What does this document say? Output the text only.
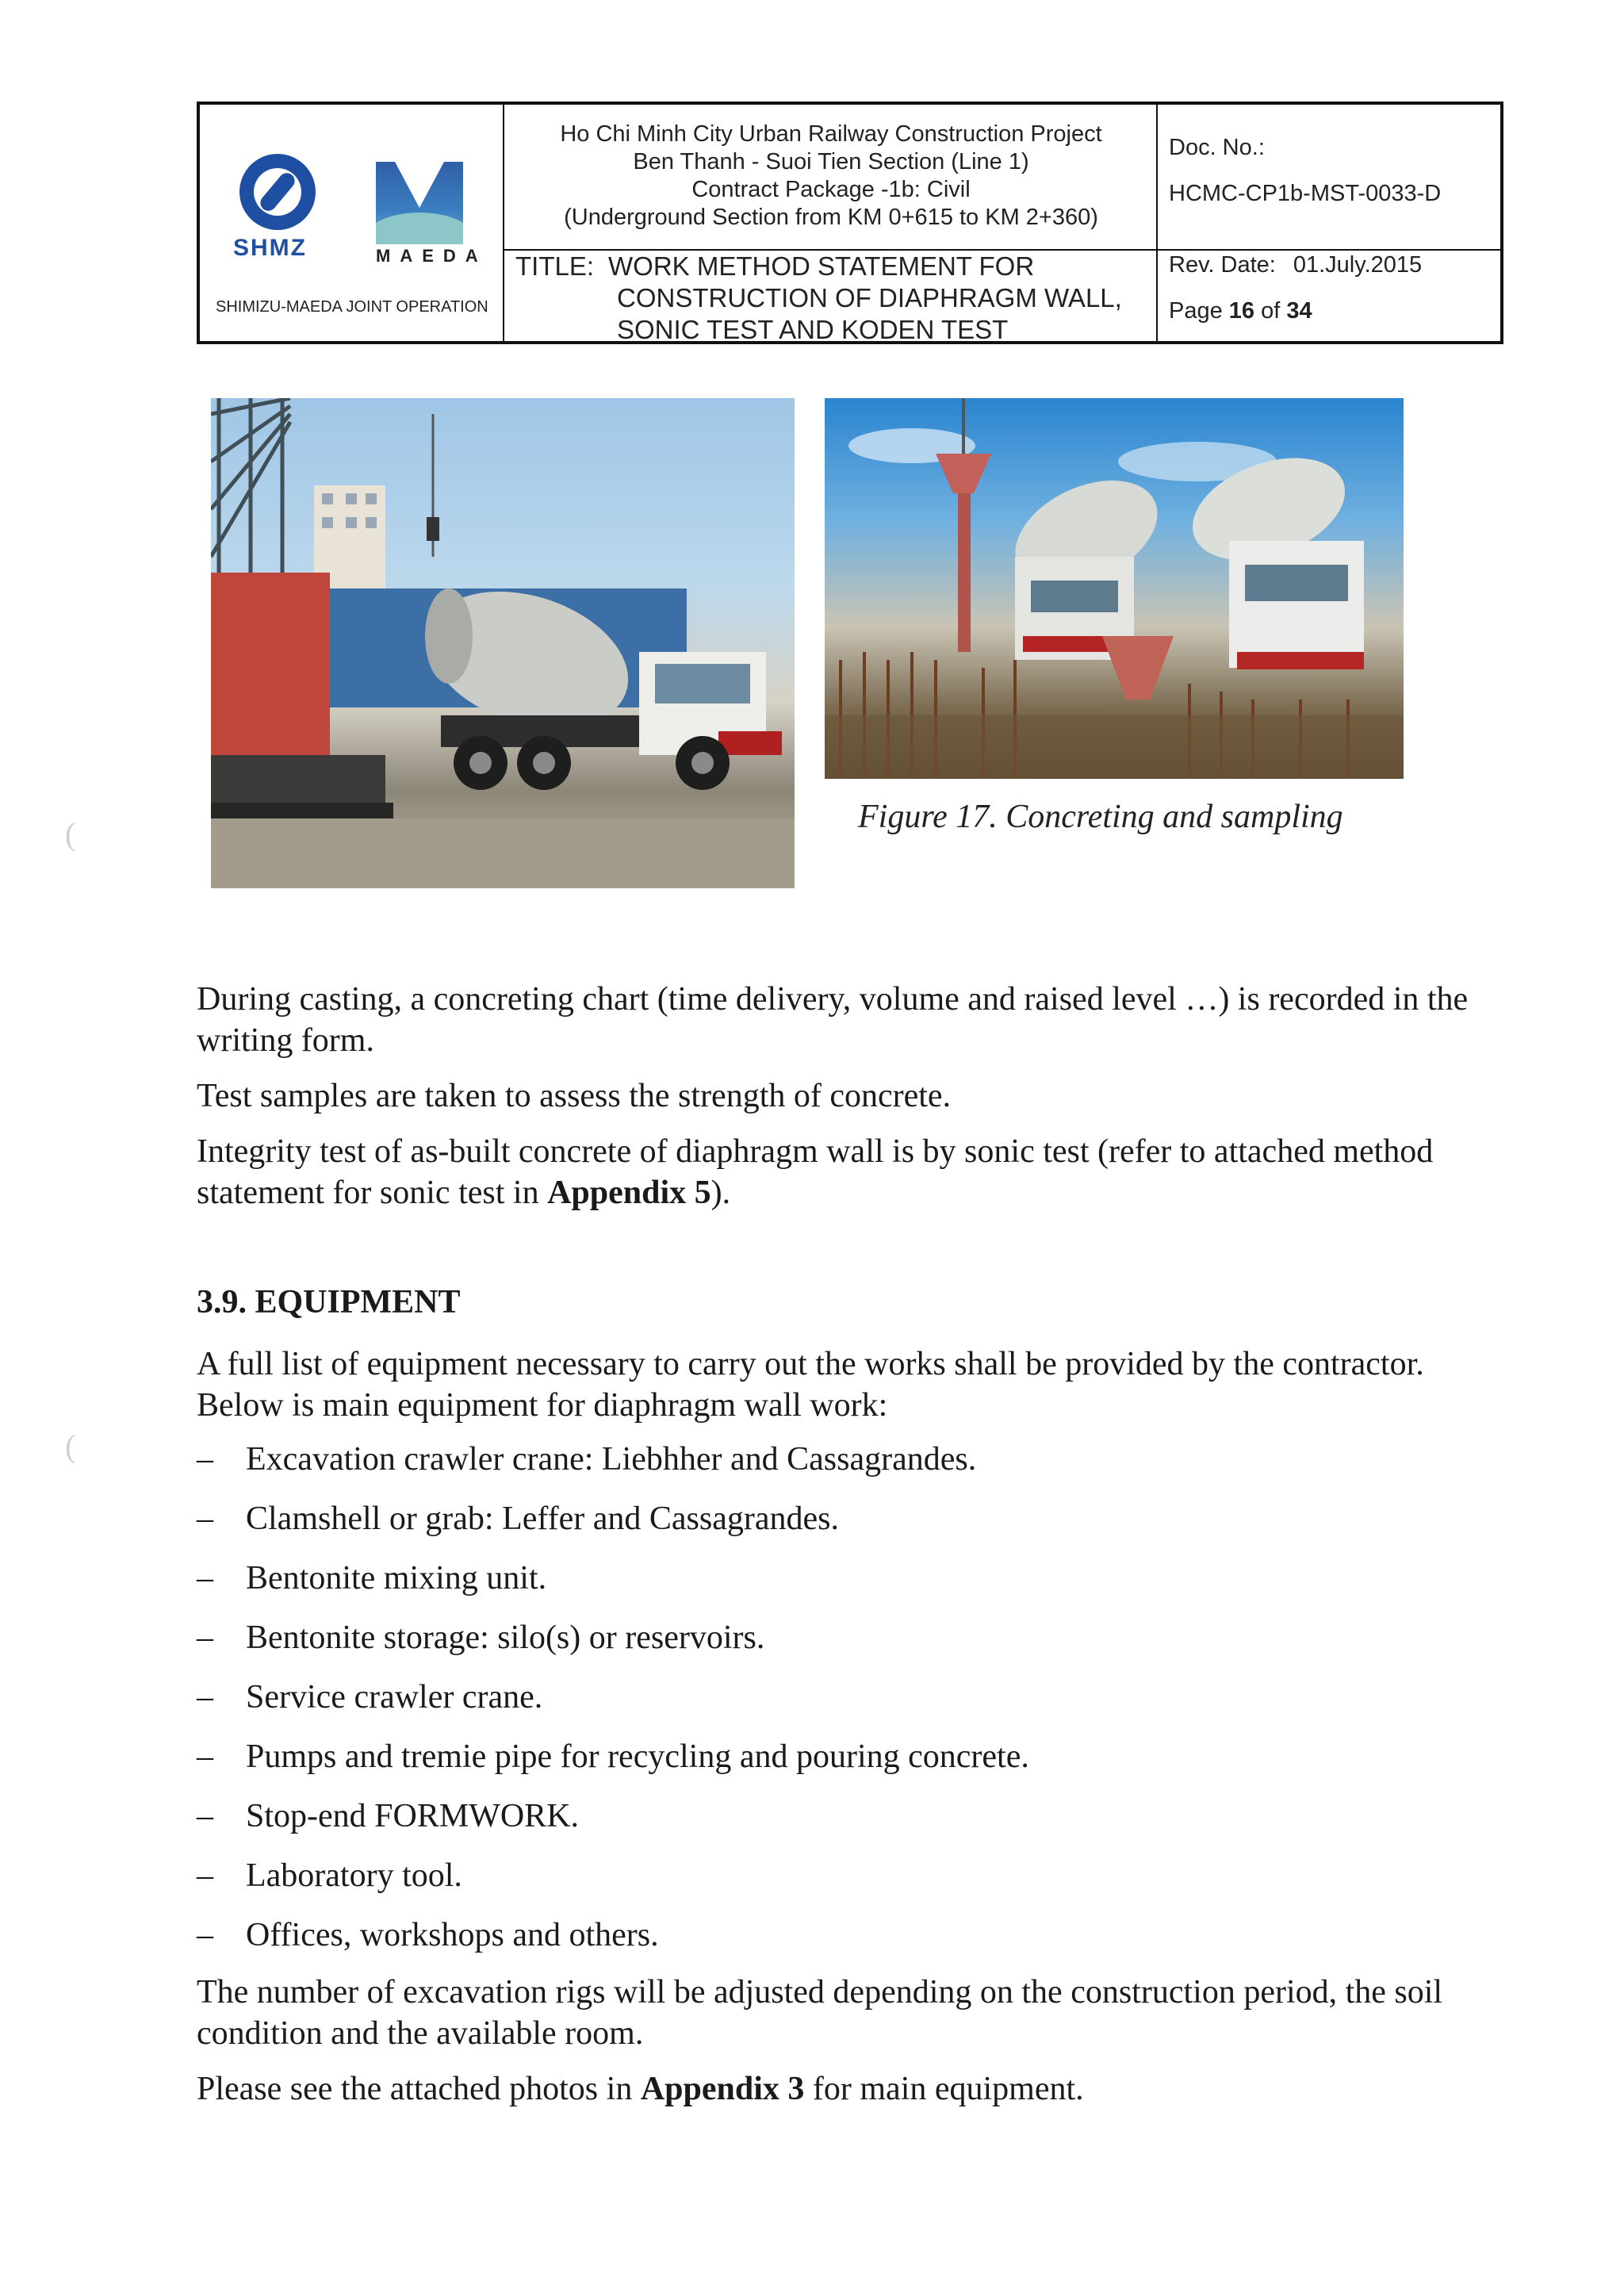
SHMZ	MAEDA
SHIMIZU-MAEDA JOINT OPERATION
Ho Chi Minh City Urban Railway Construction Project
Ben Thanh - Suoi Tien Section (Line 1)
Contract Package -1b: Civil
(Underground Section from KM 0+615 to KM 2+360)
TITLE: WORK METHOD STATEMENT FOR
CONSTRUCTION OF DIAPHRAGM WALL,
SONIC TEST AND KODEN TEST
Doc. No.:
HCMC-CP1b-MST-0033-D
Rev. Date: 01.July.2015
Page 16 of 34
Figure 17. Concreting and sampling
(
(
During casting, a concreting chart (time delivery, volume and raised level …) is recorded in the writing form.
Test samples are taken to assess the strength of concrete.
Integrity test of as-built concrete of diaphragm wall is by sonic test (refer to attached method statement for sonic test in Appendix 5).
3.9. EQUIPMENT
A full list of equipment necessary to carry out the works shall be provided by the contractor. Below is main equipment for diaphragm wall work:
– Excavation crawler crane: Liebhher and Cassagrandes.
– Clamshell or grab: Leffer and Cassagrandes.
– Bentonite mixing unit.
– Bentonite storage: silo(s) or reservoirs.
– Service crawler crane.
– Pumps and tremie pipe for recycling and pouring concrete.
– Stop-end FORMWORK.
– Laboratory tool.
– Offices, workshops and others.
The number of excavation rigs will be adjusted depending on the construction period, the soil condition and the available room.
Please see the attached photos in Appendix 3 for main equipment.
